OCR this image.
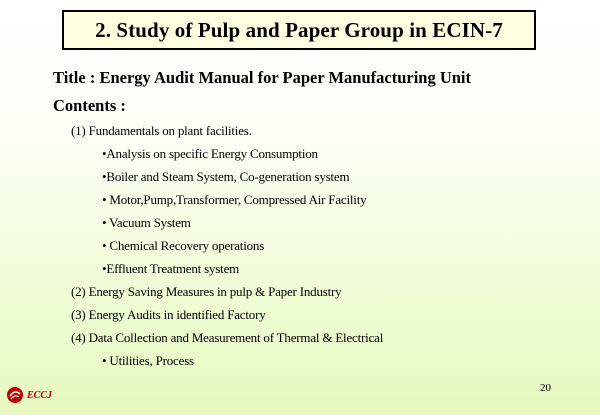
2. Study of Pulp and Paper Group in ECIN-7
Title : Energy Audit Manual for Paper Manufacturing Unit
Contents :
(1) Fundamentals on plant facilities.
•Analysis on specific Energy Consumption
•Boiler and Steam System, Co-generation system
• Motor,Pump,Transformer, Compressed Air Facility
• Vacuum System
• Chemical Recovery operations
•Effluent Treatment system
(2) Energy Saving Measures in pulp & Paper Industry
(3) Energy Audits in identified Factory
(4) Data Collection and Measurement of Thermal & Electrical
• Utilities, Process
20
ECCJ
